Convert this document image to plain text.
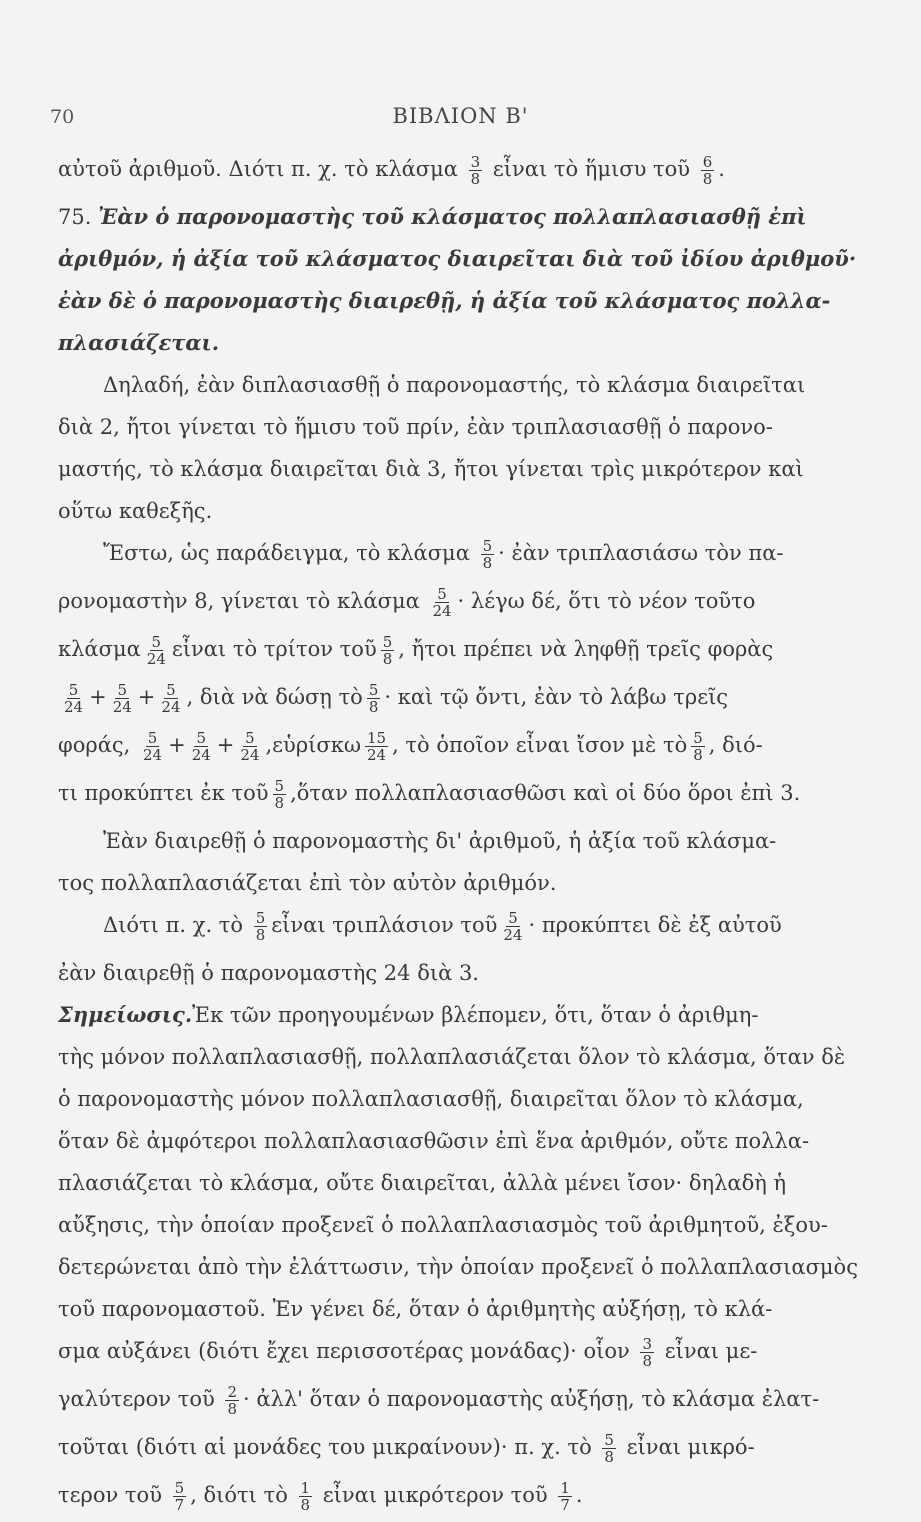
70	ΒΙΒΛΙΟΝ Β'
αὐτοῦ ἀριθμοῦ. Διότι π. χ. τὸ κλάσμα $\frac{3}{8}$ εἶναι τὸ ἥμισυ τοῦ $\frac{6}{8}$ .
75. Ἐὰν ὁ παρονομαστὴς τοῦ κλάσματος πολλαπλασιασθῇ ἐπὶ
ἀριθμόν, ἡ ἀξία τοῦ κλάσματος διαιρεῖται διὰ τοῦ ἰδίου ἀριθμοῦ·
ἐὰν δὲ ὁ παρονομαστὴς διαιρεθῇ, ἡ ἀξία τοῦ κλάσματος πολλα-
πλασιάζεται.
Δηλαδή, ἐὰν διπλασιασθῇ ὁ παρονομαστής, τὸ κλάσμα διαιρεῖται
διὰ 2, ἤτοι γίνεται τὸ ἥμισυ τοῦ πρίν, ἐὰν τριπλασιασθῇ ὁ παρονο-
μαστής, τὸ κλάσμα διαιρεῖται διὰ 3, ἤτοι γίνεται τρὶς μικρότερον καὶ
οὕτω καθεξῆς.
Ἔστω, ὡς παράδειγμα, τὸ κλάσμα $\frac{5}{8}$ · ἐὰν τριπλασιάσω τὸν πα-
ρονομαστὴν 8, γίνεται τὸ κλάσμα $\frac{5}{24} \cdot \lambda έ\gamma\omega$ δέ, ὅτι τὸ νέον τοῦτο
κλάσμα $\frac{5}{24}$ εἶναι τὸ τρίτον τοῦ $\frac{5}{8}$ , ἤτοι πρέπει νὰ ληφθῇ τρεῖς φορὰς
$\frac{5}{24} + \frac{5}{24} + \frac{5}{24}$ , διὰ νὰ δώσῃ τὸ $\frac{5}{8}$ · καὶ τῷ ὄντι, ἐὰν τὸ λάβω τρεῖς
φοράς, $\frac{5}{24} + \frac{5}{24} + \frac{5}{24}$ ,εὑρίσκω $\frac{15}{24}$ , τὸ ὁποῖον εἶναι ἴσον μὲ τὸ $\frac{5}{8}$ , διό-
τι προκύπτει ἐκ τοῦ $\frac{5}{8}$ ,ὅταν πολλαπλασιασθῶσι καὶ οἱ δύο ὅροι ἐπὶ 3.
Ἐὰν διαιρεθῇ ὁ παρονομαστὴς δι' ἀριθμοῦ, ἡ ἀξία τοῦ κλάσμα-
τος πολλαπλασιάζεται ἐπὶ τὸν αὐτὸν ἀριθμόν.
Διότι π. χ. τὸ $\frac{5}{8}$ εἶναι τριπλάσιον τοῦ $\frac{5}{24} \cdot \pi\rho o\kappa ύ\pi\tau\varepsilon\iota$ δὲ ἐξ αὐτοῦ
ἐὰν διαιρεθῇ ὁ παρονομαστὴς 24 διὰ 3.
Σημείωσις.Ἐκ τῶν προηγουμένων βλέπομεν, ὅτι, ὅταν ὁ ἀριθμη-
τὴς μόνον πολλαπλασιασθῇ, πολλαπλασιάζεται ὅλον τὸ κλάσμα, ὅταν δὲ
ὁ παρονομαστὴς μόνον πολλαπλασιασθῇ, διαιρεῖται ὅλον τὸ κλάσμα,
ὅταν δὲ ἀμφότεροι πολλαπλασιασθῶσιν ἐπὶ ἕνα ἀριθμόν, οὔτε πολλα-
πλασιάζεται τὸ κλάσμα, οὔτε διαιρεῖται, ἀλλὰ μένει ἴσον· δηλαδὴ ἡ
αὔξησις, τὴν ὁποίαν προξενεῖ ὁ πολλαπλασιασμὸς τοῦ ἀριθμητοῦ, ἐξου-
δετερώνεται ἀπὸ τὴν ἐλάττωσιν, τὴν ὁποίαν προξενεῖ ὁ πολλαπλασιασμὸς
τοῦ παρονομαστοῦ. Ἐν γένει δέ, ὅταν ὁ ἀριθμητὴς αὐξήσῃ, τὸ κλά-
σμα αὐξάνει (διότι ἔχει περισσοτέρας μονάδας)· οἷον $\frac{3}{8}$ εἶναι με-
γαλύτερον τοῦ $\frac{2}{8}$ · ἀλλ' ὅταν ὁ παρονομαστὴς αὐξήσῃ, τὸ κλάσμα ἐλατ-
τοῦται (διότι αἱ μονάδες του μικραίνουν)· π. χ. τὸ $\frac{5}{8}$ εἶναι μικρό-
τερον τοῦ $\frac{5}{7}$ , διότι τὸ $\frac{1}{8}$ εἶναι μικρότερον τοῦ $\frac{1}{7}$ .
